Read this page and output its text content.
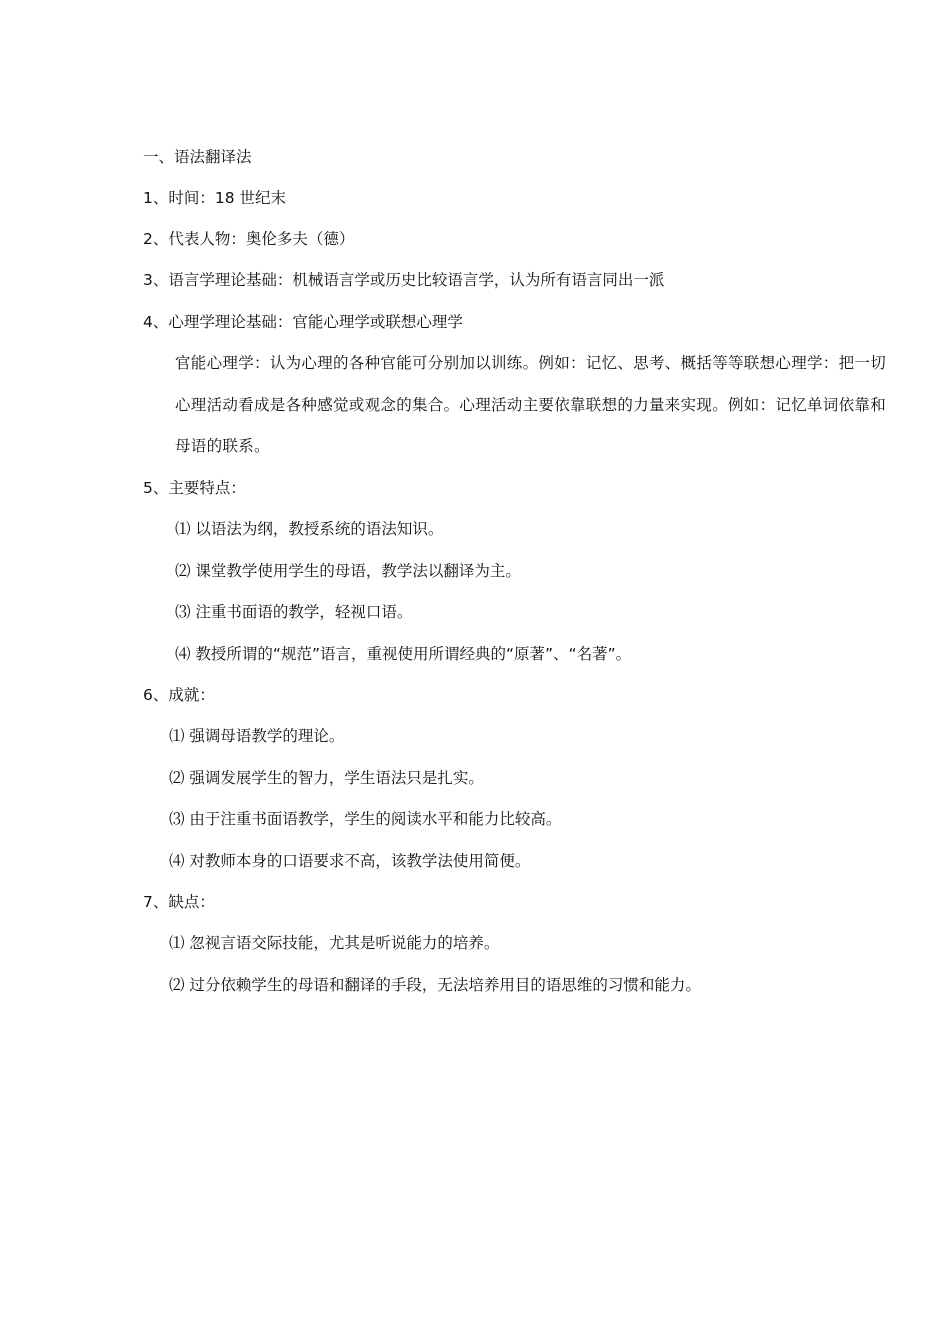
一、语法翻译法
1、时间：18 世纪末
2、代表人物：奥伦多夫（德）
3、语言学理论基础：机械语言学或历史比较语言学，认为所有语言同出一派
4、心理学理论基础：官能心理学或联想心理学
官能心理学：认为心理的各种官能可分别加以训练。例如：记忆、思考、概括等等联想心理学：把一切心理活动看成是各种感觉或观念的集合。心理活动主要依靠联想的力量来实现。例如：记忆单词依靠和母语的联系。
5、主要特点：
⑴ 以语法为纲，教授系统的语法知识。
⑵ 课堂教学使用学生的母语，教学法以翻译为主。
⑶ 注重书面语的教学，轻视口语。
⑷ 教授所谓的“规范”语言，重视使用所谓经典的“原著”、“名著”。
6、成就：
⑴ 强调母语教学的理论。
⑵ 强调发展学生的智力，学生语法只是扎实。
⑶ 由于注重书面语教学，学生的阅读水平和能力比较高。
⑷ 对教师本身的口语要求不高，该教学法使用简便。
7、缺点：
⑴ 忽视言语交际技能，尤其是听说能力的培养。
⑵ 过分依赖学生的母语和翻译的手段，无法培养用目的语思维的习惯和能力。
